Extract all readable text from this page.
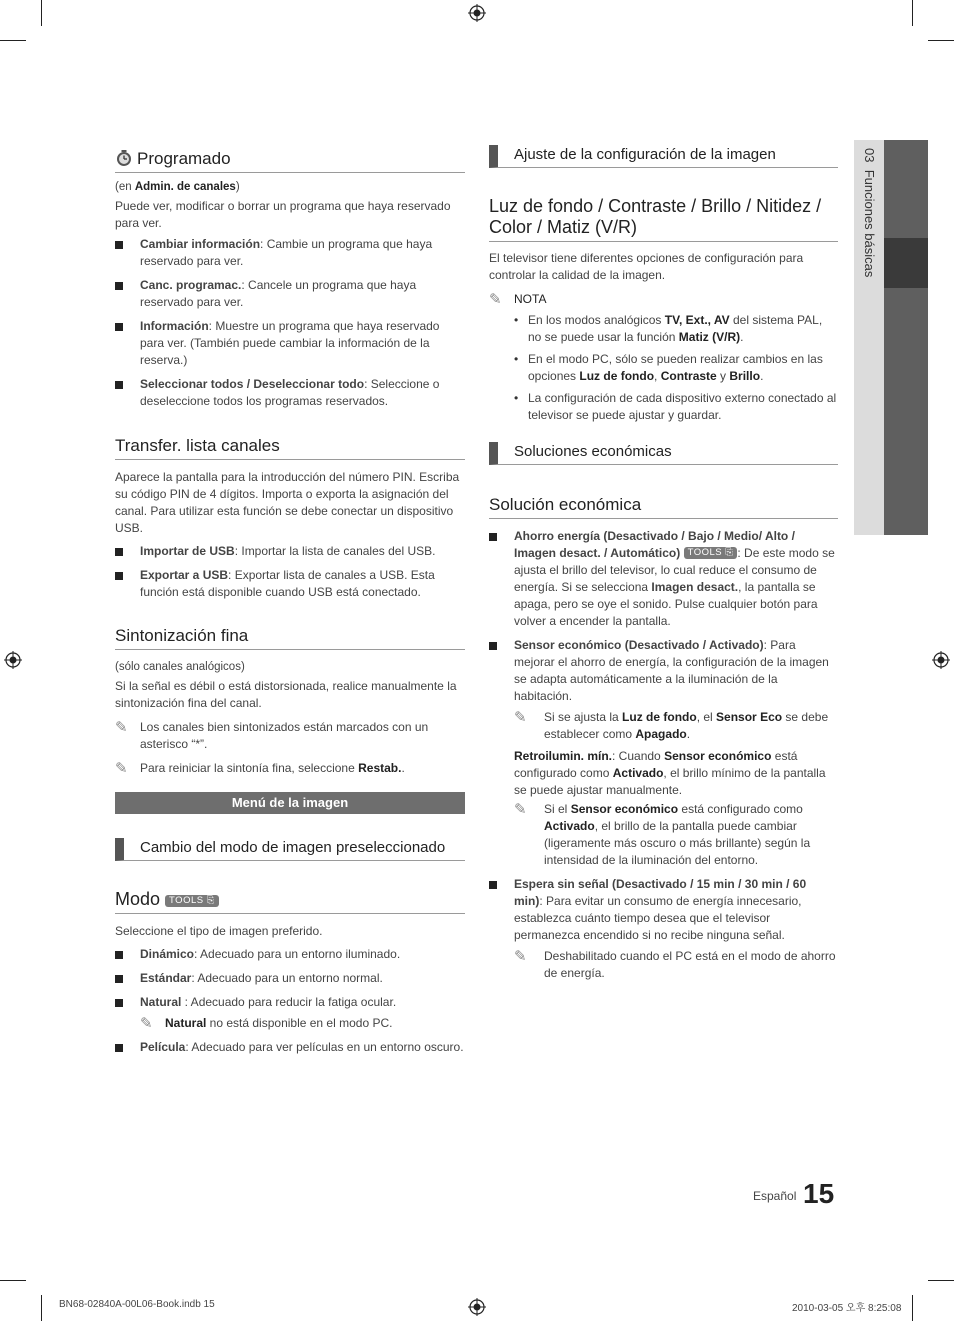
03  Funciones básicas
Programado

(en Admin. de canales)

Puede ver, modificar o borrar un programa que haya reservado para ver.

Cambiar información: Cambie un programa que haya reservado para ver.
Canc. programac.: Cancele un programa que haya reservado para ver.
Información: Muestre un programa que haya reservado para ver. (También puede cambiar la información de la reserva.)
Seleccionar todos / Deseleccionar todo: Seleccione o deseleccione todos los programas reservados.
Transfer. lista canales

Aparece la pantalla para la introducción del número PIN. Escriba su código PIN de 4 dígitos. Importa o exporta la asignación del canal. Para utilizar esta función se debe conectar un dispositivo USB.

Importar de USB: Importar la lista de canales del USB.
Exportar a USB: Exportar lista de canales a USB. Esta función está disponible cuando USB está conectado.
Sintonización fina

(sólo canales analógicos)

Si la señal es débil o está distorsionada, realice manualmente la sintonización fina del canal.

✎ Los canales bien sintonizados están marcados con un asterisco “*”.
✎ Para reiniciar la sintonía fina, seleccione Restab..
Menú de la imagen
Cambio del modo de imagen preseleccionado
Modo TOOLS ⎘

Seleccione el tipo de imagen preferido.

Dinámico: Adecuado para un entorno iluminado.
Estándar: Adecuado para un entorno normal.
Natural : Adecuado para reducir la fatiga ocular.
✎ Natural no está disponible en el modo PC.
Película: Adecuado para ver películas en un entorno oscuro.
Ajuste de la configuración de la imagen
Luz de fondo / Contraste / Brillo / Nitidez / Color / Matiz (V/R)

El televisor tiene diferentes opciones de configuración para controlar la calidad de la imagen.

✎ NOTA
• En los modos analógicos TV, Ext., AV del sistema PAL, no se puede usar la función Matiz (V/R).
• En el modo PC, sólo se pueden realizar cambios en las opciones Luz de fondo, Contraste y Brillo.
• La configuración de cada dispositivo externo conectado al televisor se puede ajustar y guardar.
Soluciones económicas
Solución económica
Ahorro energía (Desactivado / Bajo / Medio/ Alto / Imagen desact. / Automático) TOOLS ⎘ : De este modo se ajusta el brillo del televisor, lo cual reduce el consumo de energía. Si se selecciona Imagen desact., la pantalla se apaga, pero se oye el sonido. Pulse cualquier botón para volver a encender la pantalla.
Sensor económico (Desactivado / Activado): Para mejorar el ahorro de energía, la configuración de la imagen se adapta automáticamente a la iluminación de la habitación.
✎ Si se ajusta la Luz de fondo, el Sensor Eco se debe establecer como Apagado.

Retroilumin. mín.: Cuando Sensor económico está configurado como Activado, el brillo mínimo de la pantalla se puede ajustar manualmente.

✎ Si el Sensor económico está configurado como Activado, el brillo de la pantalla puede cambiar (ligeramente más oscuro o más brillante) según la intensidad de la iluminación del entorno.
Espera sin señal (Desactivado / 15 min / 30 min / 60 min): Para evitar un consumo de energía innecesario, establezca cuánto tiempo desea que el televisor permanezca encendido si no recibe ninguna señal.
✎ Deshabilitado cuando el PC está en el modo de ahorro de energía.
Español 15
BN68-02840A-00L06-Book.indb 15	2010-03-05 오후 8:25:08
